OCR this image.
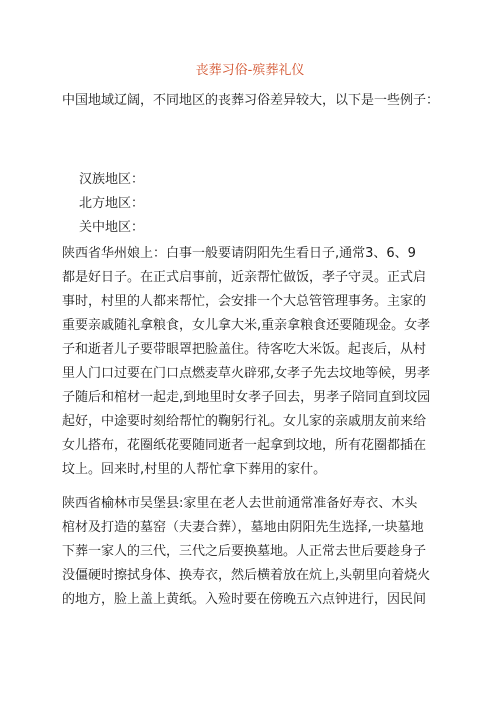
丧葬习俗-殡葬礼仪
中国地域辽阔，不同地区的丧葬习俗差异较大，以下是一些例子：
汉族地区：
北方地区：
关中地区：
陕西省华州娘上：白事一般要请阴阳先生看日子,通常3、6、9
都是好日子。在正式启事前，近亲帮忙做饭，孝子守灵。正式启
事时，村里的人都来帮忙，会安排一个大总管管理事务。主家的
重要亲戚随礼拿粮食，女儿拿大米,重亲拿粮食还要随现金。女孝
子和逝者儿子要带眼罩把脸盖住。待客吃大米饭。起丧后，从村
里人门口过要在门口点燃麦草火辟邪,女孝子先去坟地等候，男孝
子随后和棺材一起走,到地里时女孝子回去，男孝子陪同直到坟园
起好，中途要时刻给帮忙的鞠躬行礼。女儿家的亲戚朋友前来给
女儿搭布，花圈纸花要随同逝者一起拿到坟地，所有花圈都插在
坟上。回来时,村里的人帮忙拿下葬用的家什。
陕西省榆林市吴堡县:家里在老人去世前通常准备好寿衣、木头
棺材及打造的墓窑（夫妻合葬），墓地由阴阳先生选择,一块墓地
下葬一家人的三代，三代之后要换墓地。人正常去世后要趁身子
没僵硬时擦拭身体、换寿衣，然后横着放在炕上,头朝里向着烧火
的地方，脸上盖上黄纸。入殓时要在傍晚五六点钟进行，因民间
